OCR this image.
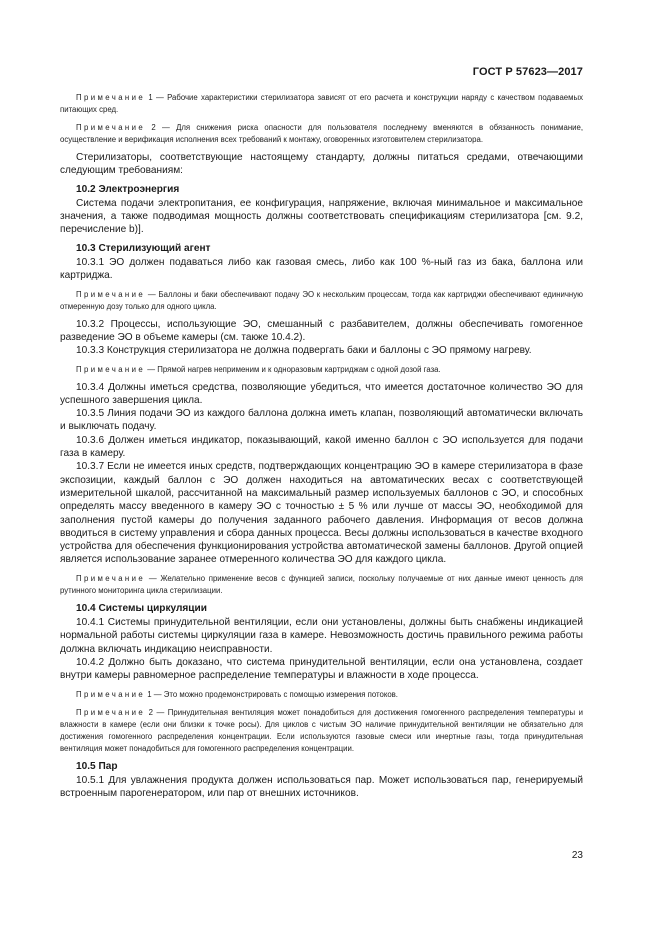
ГОСТ Р 57623—2017

Примечание 1 — Рабочие характеристики стерилизатора зависят от его расчета и конструкции наряду с качеством подаваемых питающих сред.

Примечание 2 — Для снижения риска опасности для пользователя последнему вменяются в обязанность понимание, осуществление и верификация исполнения всех требований к монтажу, оговоренных изготовителем стерилизатора.

Стерилизаторы, соответствующие настоящему стандарту, должны питаться средами, отвечающими следующим требованиям:

10.2 Электроэнергия

Система подачи электропитания, ее конфигурация, напряжение, включая минимальное и максимальное значения, а также подводимая мощность должны соответствовать спецификациям стерилизатора [см. 9.2, перечисление b)].

10.3 Стерилизующий агент

10.3.1 ЭО должен подаваться либо как газовая смесь, либо как 100 %-ный газ из бака, баллона или картриджа.

Примечание — Баллоны и баки обеспечивают подачу ЭО к нескольким процессам, тогда как картриджи обеспечивают единичную отмеренную дозу только для одного цикла.

10.3.2 Процессы, использующие ЭО, смешанный с разбавителем, должны обеспечивать гомогенное разведение ЭО в объеме камеры (см. также 10.4.2).

10.3.3 Конструкция стерилизатора не должна подвергать баки и баллоны с ЭО прямому нагреву.

Примечание — Прямой нагрев неприменим и к одноразовым картриджам с одной дозой газа.

10.3.4 Должны иметься средства, позволяющие убедиться, что имеется достаточное количество ЭО для успешного завершения цикла.

10.3.5 Линия подачи ЭО из каждого баллона должна иметь клапан, позволяющий автоматически включать и выключать подачу.

10.3.6 Должен иметься индикатор, показывающий, какой именно баллон с ЭО используется для подачи газа в камеру.

10.3.7 Если не имеется иных средств, подтверждающих концентрацию ЭО в камере стерилизатора в фазе экспозиции, каждый баллон с ЭО должен находиться на автоматических весах с соответствующей измерительной шкалой, рассчитанной на максимальный размер используемых баллонов с ЭО, и способных определять массу введенного в камеру ЭО с точностью ± 5 % или лучше от массы ЭО, необходимой для заполнения пустой камеры до получения заданного рабочего давления. Информация от весов должна вводиться в систему управления и сбора данных процесса. Весы должны использоваться в качестве входного устройства для обеспечения функционирования устройства автоматической замены баллонов. Другой опцией является использование заранее отмеренного количества ЭО для каждого цикла.

Примечание — Желательно применение весов с функцией записи, поскольку получаемые от них данные имеют ценность для рутинного мониторинга цикла стерилизации.

10.4 Системы циркуляции

10.4.1 Системы принудительной вентиляции, если они установлены, должны быть снабжены индикацией нормальной работы системы циркуляции газа в камере. Невозможность достичь правильного режима работы должна включать индикацию неисправности.

10.4.2 Должно быть доказано, что система принудительной вентиляции, если она установлена, создает внутри камеры равномерное распределение температуры и влажности в ходе процесса.

Примечание 1 — Это можно продемонстрировать с помощью измерения потоков.

Примечание 2 — Принудительная вентиляция может понадобиться для достижения гомогенного распределения температуры и влажности в камере (если они близки к точке росы). Для циклов с чистым ЭО наличие принудительной вентиляции не обязательно для достижения гомогенного распределения концентрации. Если используются газовые смеси или инертные газы, тогда принудительная вентиляция может понадобиться для гомогенного распределения концентрации.

10.5 Пар

10.5.1 Для увлажнения продукта должен использоваться пар. Может использоваться пар, генерируемый встроенным парогенератором, или пар от внешних источников.

23
